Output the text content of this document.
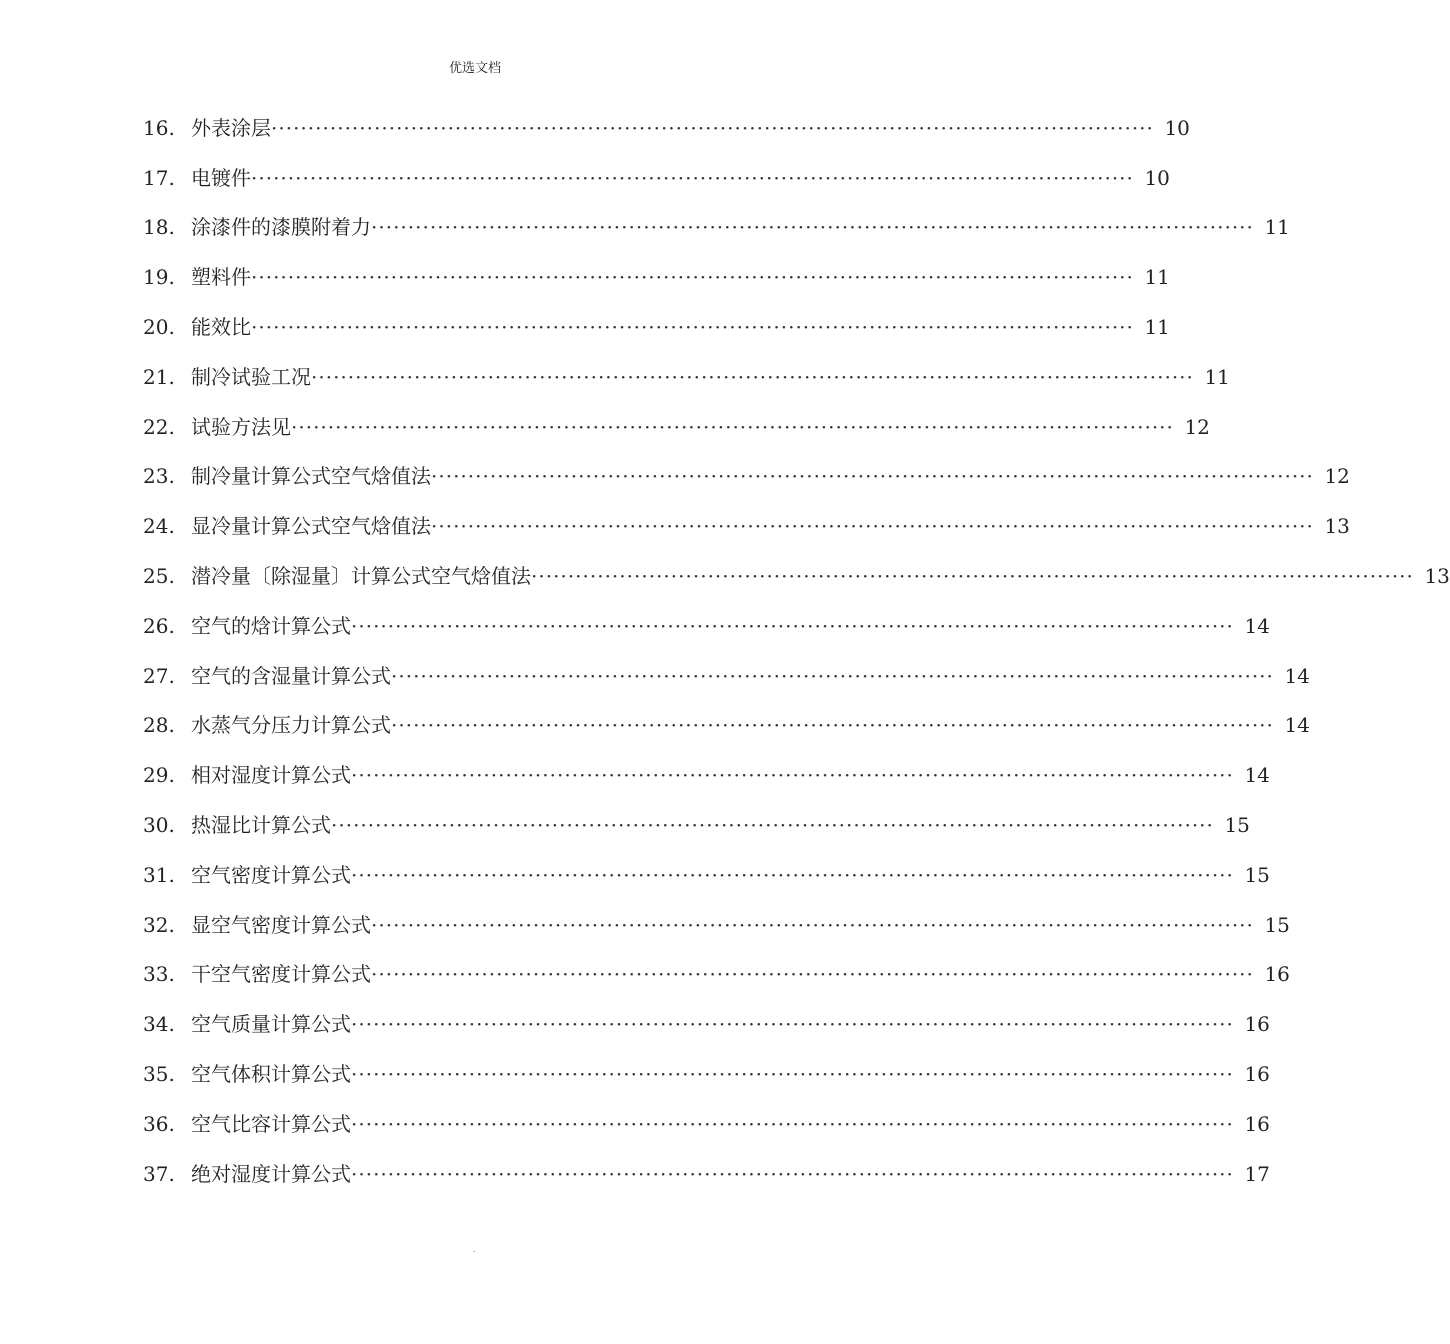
优选文档
16. 外表涂层 ························································································································ 10
17. 电镀件 ························································································································ 10
18. 涂漆件的漆膜附着力 ························································································································ 11
19. 塑料件 ························································································································ 11
20. 能效比 ························································································································ 11
21. 制冷试验工况 ························································································································ 11
22. 试验方法见 ························································································································ 12
23. 制冷量计算公式空气焓值法 ························································································································ 12
24. 显冷量计算公式空气焓值法 ························································································································ 13
25. 潜冷量〔除湿量〕计算公式空气焓值法 ························································································································ 13
26. 空气的焓计算公式 ························································································································ 14
27. 空气的含湿量计算公式 ························································································································ 14
28. 水蒸气分压力计算公式 ························································································································ 14
29. 相对湿度计算公式 ························································································································ 14
30. 热湿比计算公式 ························································································································ 15
31. 空气密度计算公式 ························································································································ 15
32. 显空气密度计算公式 ························································································································ 15
33. 干空气密度计算公式 ························································································································ 16
34. 空气质量计算公式 ························································································································ 16
35. 空气体积计算公式 ························································································································ 16
36. 空气比容计算公式 ························································································································ 16
37. 绝对湿度计算公式 ························································································································ 17
.
